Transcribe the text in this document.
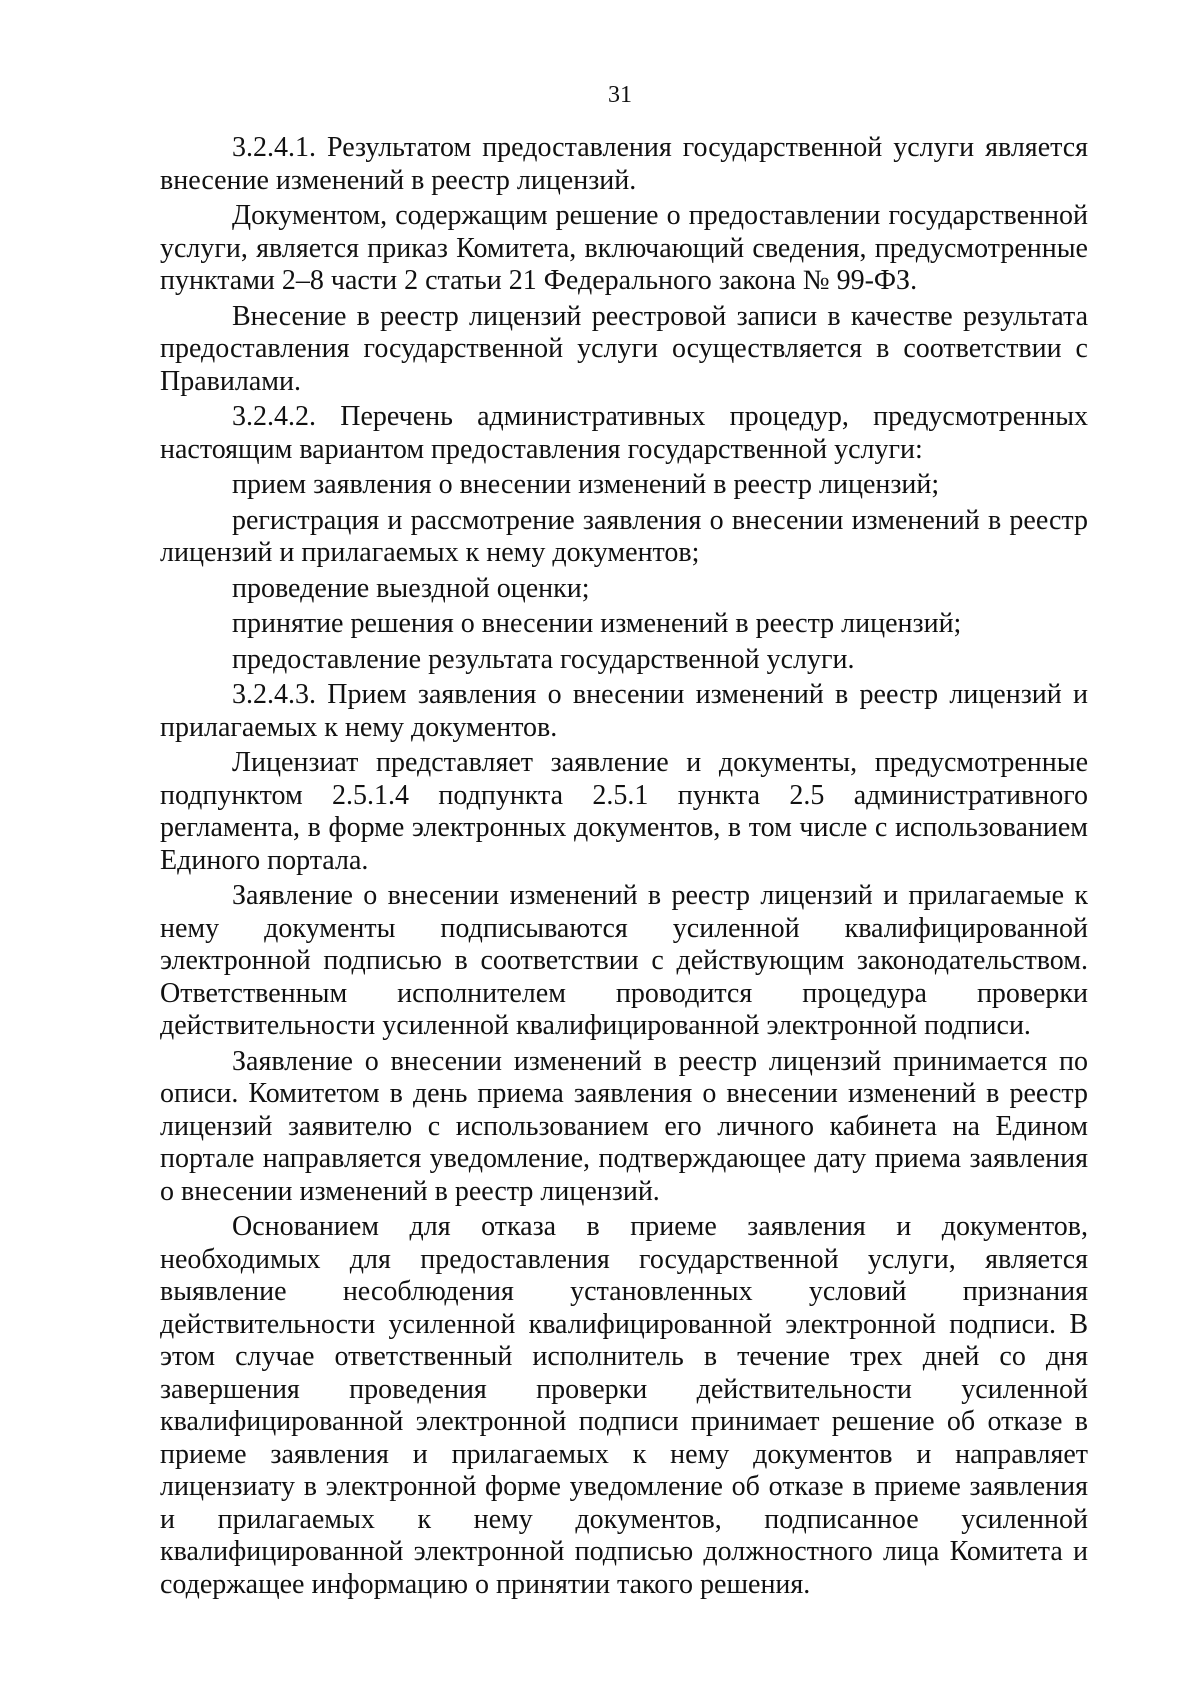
31

3.2.4.1. Результатом предоставления государственной услуги является внесение изменений в реестр лицензий.

Документом, содержащим решение о предоставлении государственной услуги, является приказ Комитета, включающий сведения, предусмотренные пунктами 2–8 части 2 статьи 21 Федерального закона № 99-ФЗ.

Внесение в реестр лицензий реестровой записи в качестве результата предоставления государственной услуги осуществляется в соответствии с Правилами.

3.2.4.2. Перечень административных процедур, предусмотренных настоящим вариантом предоставления государственной услуги:

прием заявления о внесении изменений в реестр лицензий;

регистрация и рассмотрение заявления о внесении изменений в реестр лицензий и прилагаемых к нему документов;

проведение выездной оценки;

принятие решения о внесении изменений в реестр лицензий;

предоставление результата государственной услуги.

3.2.4.3. Прием заявления о внесении изменений в реестр лицензий и прилагаемых к нему документов.

Лицензиат представляет заявление и документы, предусмотренные подпунктом 2.5.1.4 подпункта 2.5.1 пункта 2.5 административного регламента, в форме электронных документов, в том числе с использованием Единого портала.

Заявление о внесении изменений в реестр лицензий и прилагаемые к нему документы подписываются усиленной квалифицированной электронной подписью в соответствии с действующим законодательством. Ответственным исполнителем проводится процедура проверки действительности усиленной квалифицированной электронной подписи.

Заявление о внесении изменений в реестр лицензий принимается по описи. Комитетом в день приема заявления о внесении изменений в реестр лицензий заявителю с использованием его личного кабинета на Едином портале направляется уведомление, подтверждающее дату приема заявления о внесении изменений в реестр лицензий.

Основанием для отказа в приеме заявления и документов, необходимых для предоставления государственной услуги, является выявление несоблюдения установленных условий признания действительности усиленной квалифицированной электронной подписи. В этом случае ответственный исполнитель в течение трех дней со дня завершения проведения проверки действительности усиленной квалифицированной электронной подписи принимает решение об отказе в приеме заявления и прилагаемых к нему документов и направляет лицензиату в электронной форме уведомление об отказе в приеме заявления и прилагаемых к нему документов, подписанное усиленной квалифицированной электронной подписью должностного лица Комитета и содержащее информацию о принятии такого решения.
